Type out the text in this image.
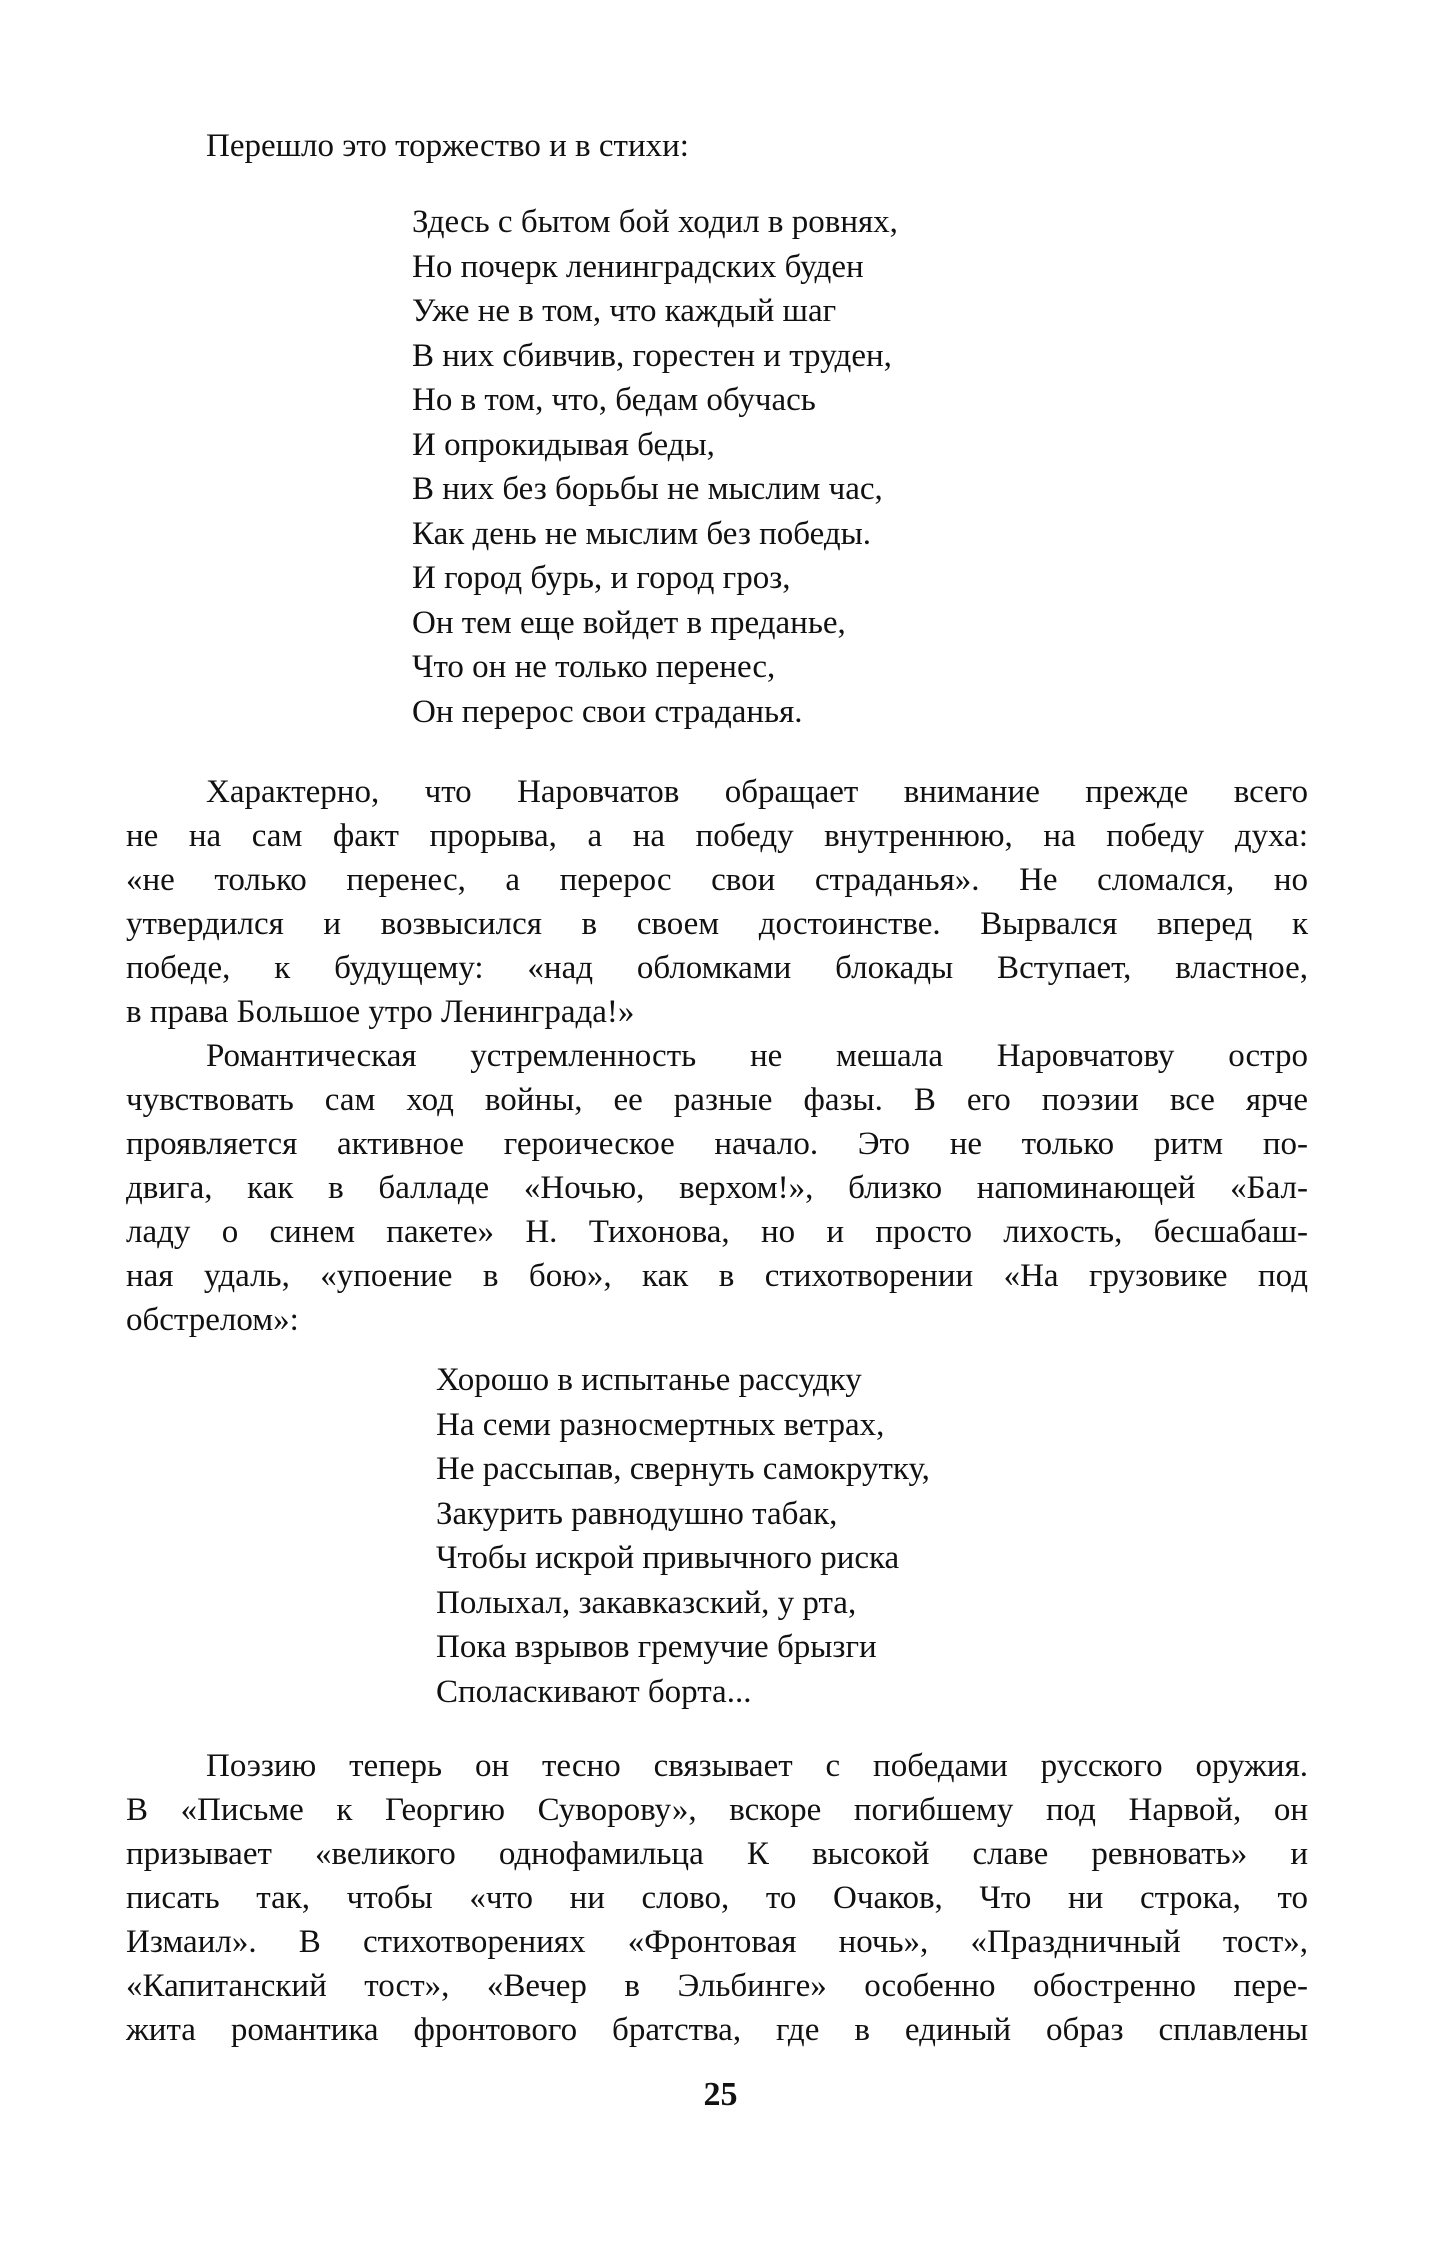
Перешло это торжество и в стихи:
Здесь с бытом бой ходил в ровнях,
Но почерк ленинградских буден
Уже не в том, что каждый шаг
В них сбивчив, горестен и труден,
Но в том, что, бедам обучась
И опрокидывая беды,
В них без борьбы не мыслим час,
Как день не мыслим без победы.
И город бурь, и город гроз,
Он тем еще войдет в преданье,
Что он не только перенес,
Он перерос свои страданья.
Характерно, что Наровчатов обращает внимание прежде всего
не на сам факт прорыва, а на победу внутреннюю, на победу духа:
«не только перенес, а перерос свои страданья». Не сломался, но
утвердился и возвысился в своем достоинстве. Вырвался вперед к
победе, к будущему: «над обломками блокады Вступает, властное,
в права Большое утро Ленинграда!»
Романтическая устремленность не мешала Наровчатову остро
чувствовать сам ход войны, ее разные фазы. В его поэзии все ярче
проявляется активное героическое начало. Это не только ритм по-
двига, как в балладе «Ночью, верхом!», близко напоминающей «Бал-
ладу о синем пакете» Н. Тихонова, но и просто лихость, бесшабаш-
ная удаль, «упоение в бою», как в стихотворении «На грузовике под
обстрелом»:
Хорошо в испытанье рассудку
На семи разносмертных ветрах,
Не рассыпав, свернуть самокрутку,
Закурить равнодушно табак,
Чтобы искрой привычного риска
Полыхал, закавказский, у рта,
Пока взрывов гремучие брызги
Споласкивают борта...
Поэзию теперь он тесно связывает с победами русского оружия.
В «Письме к Георгию Суворову», вскоре погибшему под Нарвой, он
призывает «великого однофамильца К высокой славе ревновать» и
писать так, чтобы «что ни слово, то Очаков, Что ни строка, то
Измаил». В стихотворениях «Фронтовая ночь», «Праздничный тост»,
«Капитанский тост», «Вечер в Эльбинге» особенно обостренно пере-
жита романтика фронтового братства, где в единый образ сплавлены
25
